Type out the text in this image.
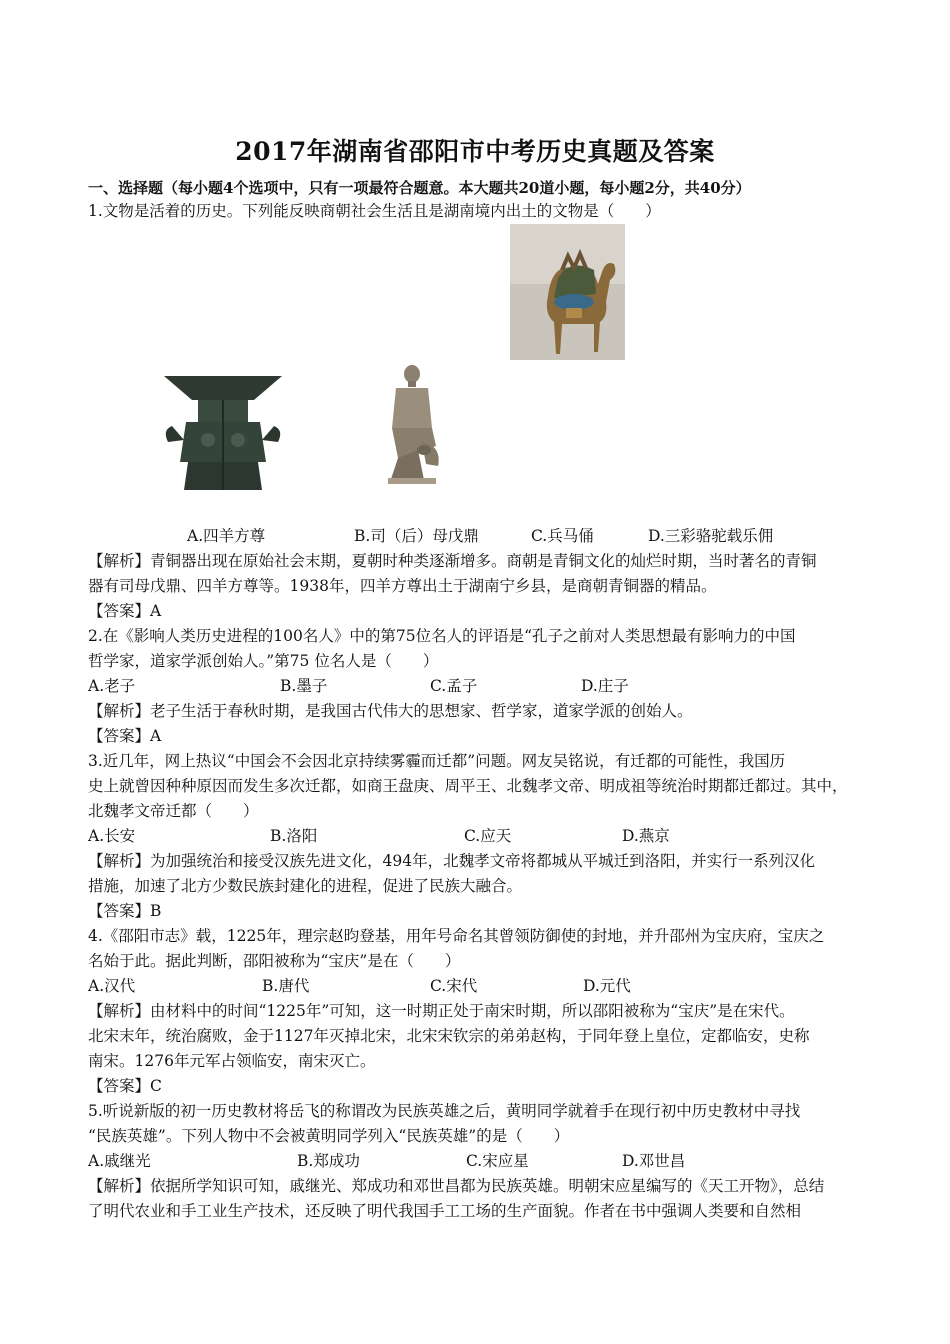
2017年湖南省邵阳市中考历史真题及答案
一、选择题（每小题4个选项中，只有一项最符合题意。本大题共20道小题，每小题2分，共40分）
1.文物是活着的历史。下列能反映商朝社会生活且是湖南境内出土的文物是（　　）
A.四羊方尊	B.司（后）母戊鼎	C.兵马俑	D.三彩骆驼载乐佣
【解析】青铜器出现在原始社会末期，夏朝时种类逐渐增多。商朝是青铜文化的灿烂时期，当时著名的青铜
器有司母戊鼎、四羊方尊等。1938年，四羊方尊出土于湖南宁乡县，是商朝青铜器的精品。
【答案】A
2.在《影响人类历史进程的100名人》中的第75位名人的评语是“孔子之前对人类思想最有影响力的中国
哲学家，道家学派创始人。”第75 位名人是（　　）
A.老子	B.墨子	C.孟子	D.庄子
【解析】老子生活于春秋时期，是我国古代伟大的思想家、哲学家，道家学派的创始人。
【答案】A
3.近几年，网上热议“中国会不会因北京持续雾霾而迁都”问题。网友吴铭说，有迁都的可能性，我国历
史上就曾因种种原因而发生多次迁都，如商王盘庚、周平王、北魏孝文帝、明成祖等统治时期都迁都过。其中，
北魏孝文帝迁都（　　）
A.长安	B.洛阳	C.应天	D.燕京
【解析】为加强统治和接受汉族先进文化，494年，北魏孝文帝将都城从平城迁到洛阳，并实行一系列汉化
措施，加速了北方少数民族封建化的进程，促进了民族大融合。
【答案】B
4.《邵阳市志》载，1225年，理宗赵昀登基，用年号命名其曾领防御使的封地，并升邵州为宝庆府，宝庆之
名始于此。据此判断，邵阳被称为“宝庆”是在（　　）
A.汉代	B.唐代	C.宋代	D.元代
【解析】由材料中的时间“1225年”可知，这一时期正处于南宋时期，所以邵阳被称为“宝庆”是在宋代。
北宋末年，统治腐败，金于1127年灭掉北宋，北宋宋钦宗的弟弟赵构，于同年登上皇位，定都临安，史称
南宋。1276年元军占领临安，南宋灭亡。
【答案】C
5.听说新版的初一历史教材将岳飞的称谓改为民族英雄之后，黄明同学就着手在现行初中历史教材中寻找
“民族英雄”。下列人物中不会被黄明同学列入“民族英雄”的是（　　）
A.戚继光	B.郑成功	C.宋应星	D.邓世昌
【解析】依据所学知识可知，戚继光、郑成功和邓世昌都为民族英雄。明朝宋应星编写的《天工开物》，总结
了明代农业和手工业生产技术，还反映了明代我国手工工场的生产面貌。作者在书中强调人类要和自然相
